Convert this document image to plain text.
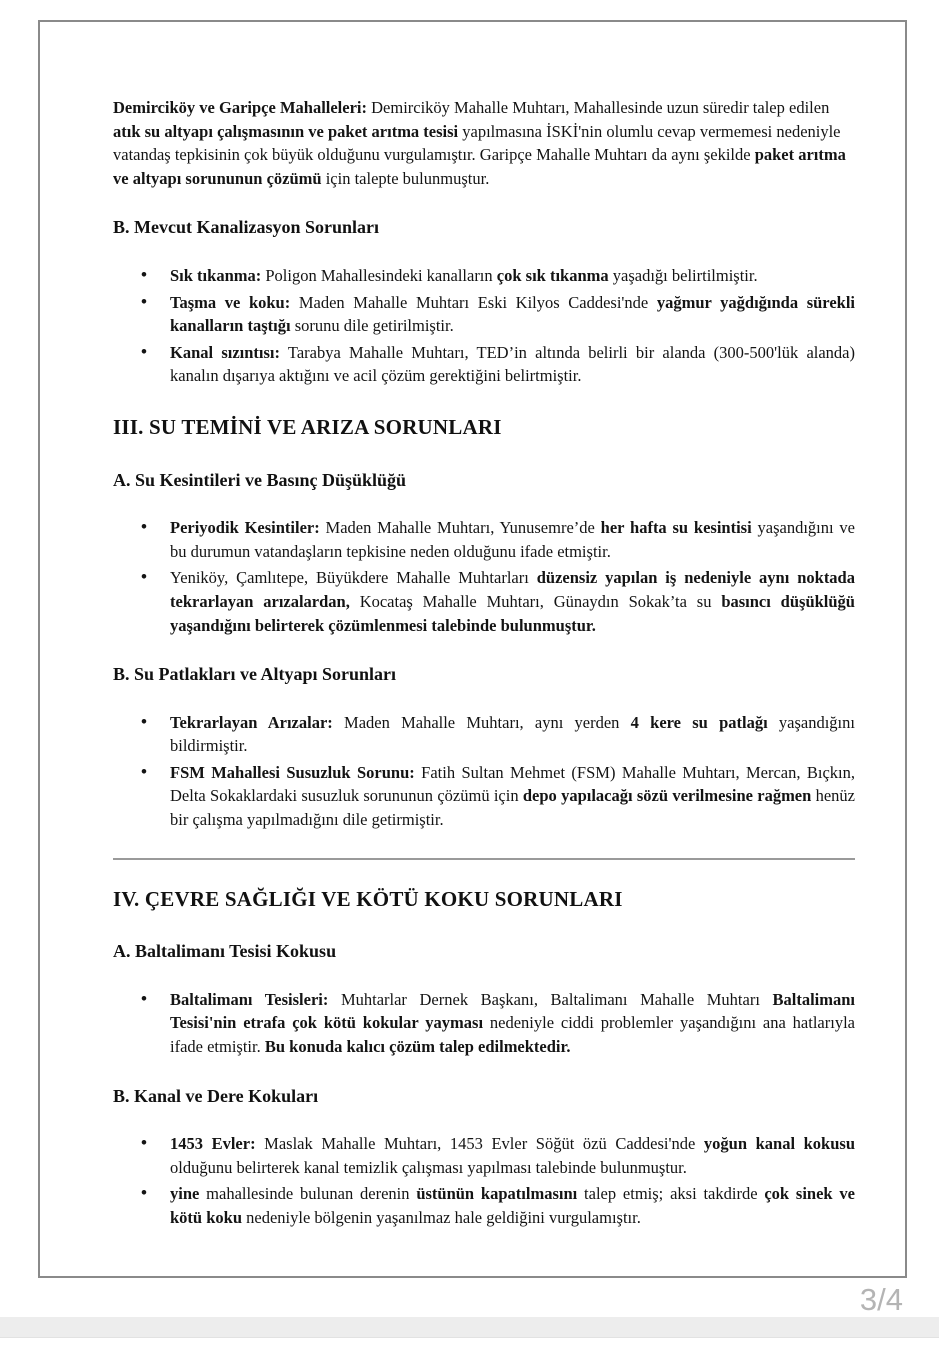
Demirciköy ve Garipçe Mahalleleri: Demirciköy Mahalle Muhtarı, Mahallesinde uzun süredir talep edilen atık su altyapı çalışmasının ve paket arıtma tesisi yapılmasına İSKİ'nin olumlu cevap vermemesi nedeniyle vatandaş tepkisinin çok büyük olduğunu vurgulamıştır. Garipçe Mahalle Muhtarı da aynı şekilde paket arıtma ve altyapı sorununun çözümü için talepte bulunmuştur.

B. Mevcut Kanalizasyon Sorunları
• Sık tıkanma: Poligon Mahallesindeki kanalların çok sık tıkanma yaşadığı belirtilmiştir.
• Taşma ve koku: Maden Mahalle Muhtarı Eski Kilyos Caddesi'nde yağmur yağdığında sürekli kanalların taştığı sorunu dile getirilmiştir.
• Kanal sızıntısı: Tarabya Mahalle Muhtarı, TED’in altında belirli bir alanda (300-500'lük alanda) kanalın dışarıya aktığını ve acil çözüm gerektiğini belirtmiştir.
III. SU TEMİNİ VE ARIZA SORUNLARI
A. Su Kesintileri ve Basınç Düşüklüğü
• Periyodik Kesintiler: Maden Mahalle Muhtarı, Yunusemre’de her hafta su kesintisi yaşandığını ve bu durumun vatandaşların tepkisine neden olduğunu ifade etmiştir.
• Yeniköy, Çamlıtepe, Büyükdere Mahalle Muhtarları düzensiz yapılan iş nedeniyle aynı noktada tekrarlayan arızalardan, Kocataş Mahalle Muhtarı, Günaydın Sokak’ta su basıncı düşüklüğü yaşandığını belirterek çözümlenmesi talebinde bulunmuştur.
B. Su Patlakları ve Altyapı Sorunları
• Tekrarlayan Arızalar: Maden Mahalle Muhtarı, aynı yerden 4 kere su patlağı yaşandığını bildirmiştir.
• FSM Mahallesi Susuzluk Sorunu: Fatih Sultan Mehmet (FSM) Mahalle Muhtarı, Mercan, Bıçkın, Delta Sokaklardaki susuzluk sorununun çözümü için depo yapılacağı sözü verilmesine rağmen henüz bir çalışma yapılmadığını dile getirmiştir.
IV. ÇEVRE SAĞLIĞI VE KÖTÜ KOKU SORUNLARI
A. Baltalimanı Tesisi Kokusu
• Baltalimanı Tesisleri: Muhtarlar Dernek Başkanı, Baltalimanı Mahalle Muhtarı Baltalimanı Tesisi'nin etrafa çok kötü kokular yayması nedeniyle ciddi problemler yaşandığını ana hatlarıyla ifade etmiştir. Bu konuda kalıcı çözüm talep edilmektedir.
B. Kanal ve Dere Kokuları
• 1453 Evler: Maslak Mahalle Muhtarı, 1453 Evler Söğüt özü Caddesi'nde yoğun kanal kokusu olduğunu belirterek kanal temizlik çalışması yapılması talebinde bulunmuştur.
• yine mahallesinde bulunan derenin üstünün kapatılmasını talep etmiş; aksi takdirde çok sinek ve kötü koku nedeniyle bölgenin yaşanılmaz hale geldiğini vurgulamıştır.
3/4
